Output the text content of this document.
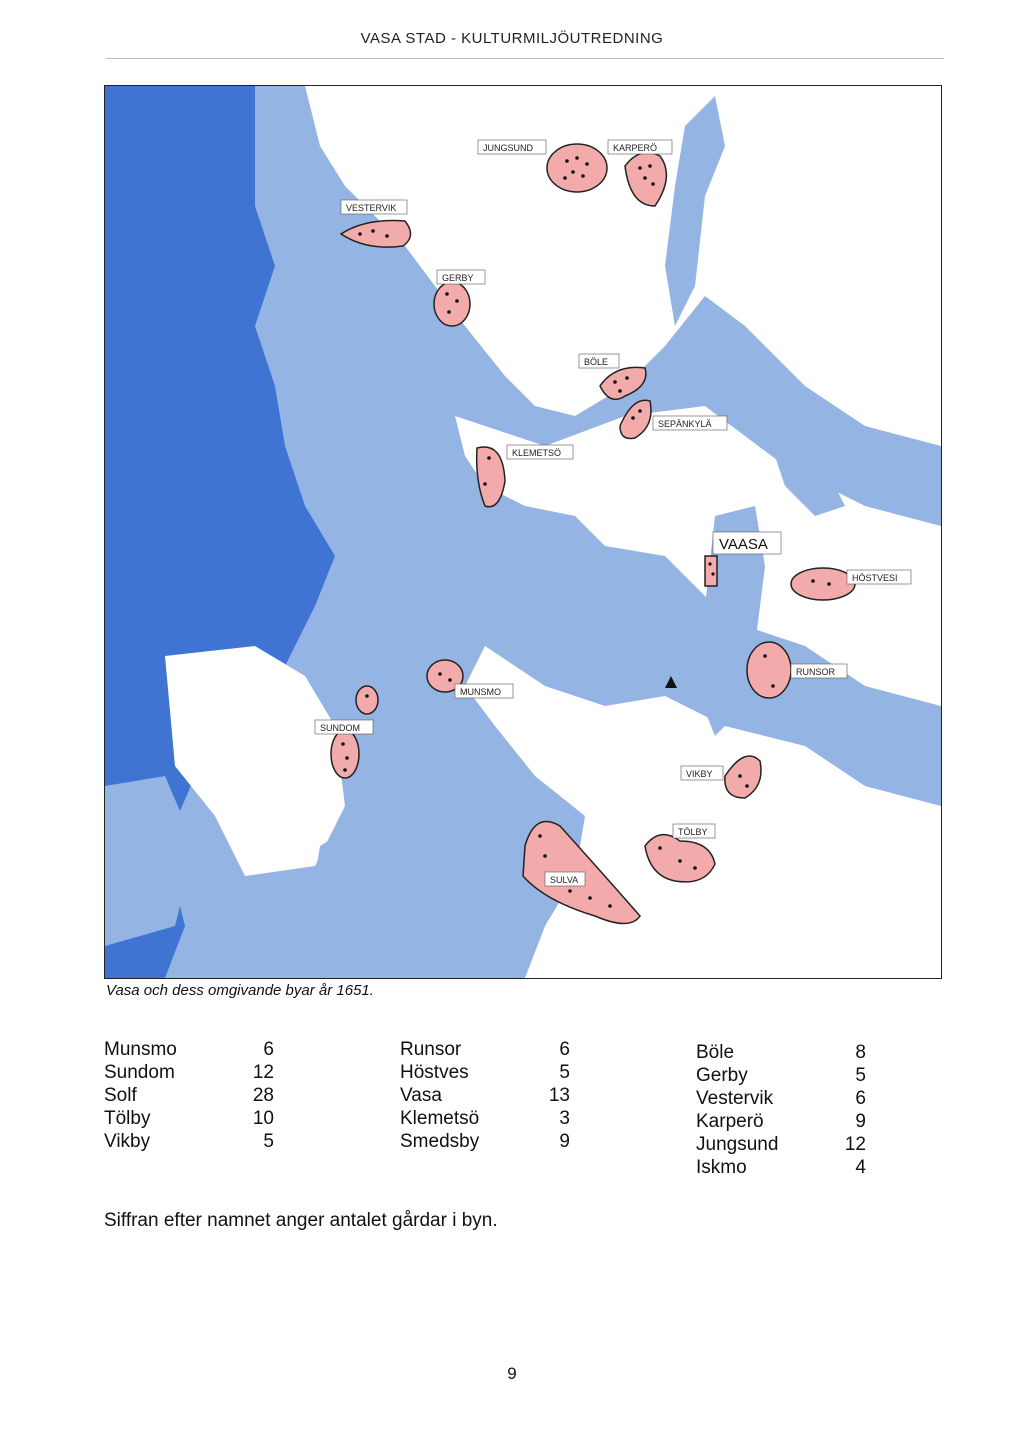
VASA STAD - KULTURMILJÖUTREDNING
JUNGSUND	KARPERÖ
VESTERVIK
GERBY
BÖLE
SEPÄNKYLÄ
KLEMETSÖ
VAASA
HÖSTVESI
RUNSOR
MUNSMO
SUNDOM
VIKBY
TÖLBY
SULVA
Vasa och dess omgivande byar år 1651.
Munsmo	6
Sundom	12
Solf	28
Tölby	10
Vikby	5
Runsor	6
Höstves	5
Vasa	13
Klemetsö	3
Smedsby	9
Böle	8
Gerby	5
Vestervik	6
Karperö	9
Jungsund	12
Iskmo	4
Siffran efter namnet anger antalet gårdar i byn.
9
